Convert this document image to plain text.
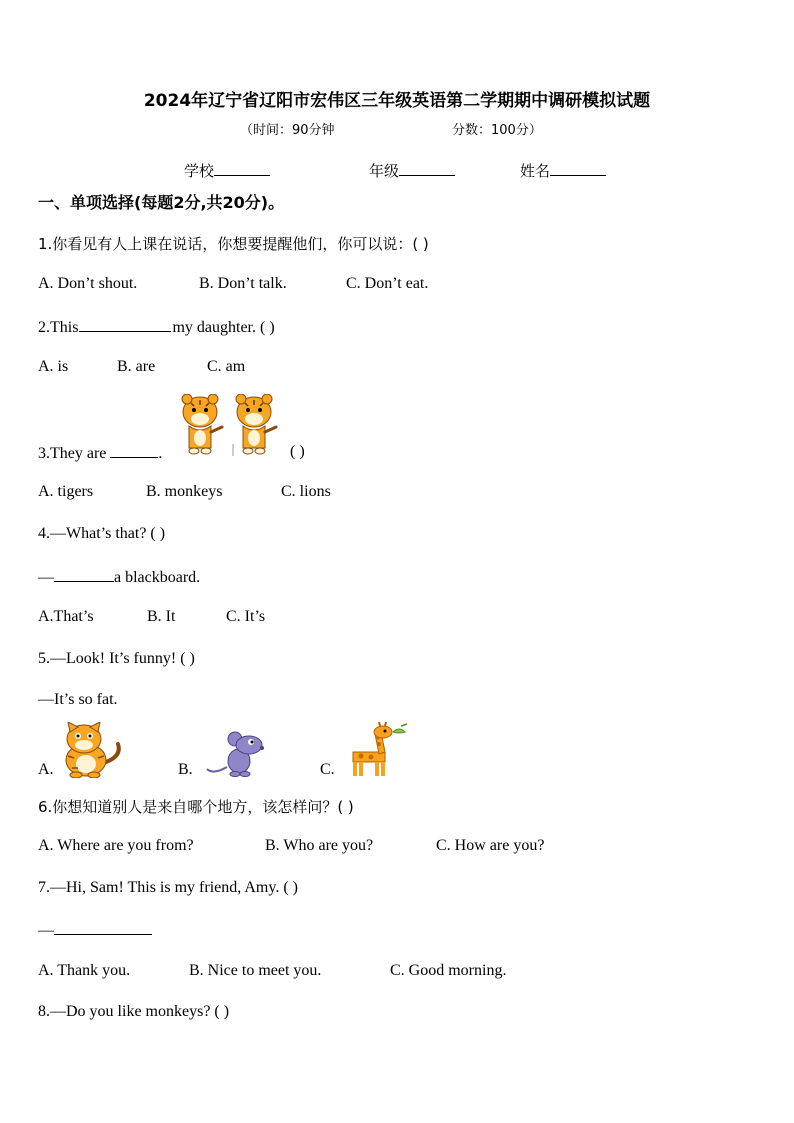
2024年辽宁省辽阳市宏伟区三年级英语第二学期期中调研模拟试题
（时间：90分钟	分数：100分）
学校	年级	姓名
一、单项选择(每题2分,共20分)。
1.你看见有人上课在说话，你想要提醒他们，你可以说：( )
A. Don’t shout.	B. Don’t talk.	C. Don’t eat.
2.This	my daughter. ( )
A. is	B. are	C. am
3.They are	.	( )
A. tigers	B. monkeys	C. lions
4.—What’s that? ( )
—	a blackboard.
A.That’s	B. It	C. It’s
5.—Look! It’s funny! ( )
—It’s so fat.
A.	B.	C.
6.你想知道别人是来自哪个地方，该怎样问？( )
A. Where are you from?	B. Who are you?	C. How are you?
7.—Hi, Sam! This is my friend, Amy. ( )
—
A. Thank you.	B. Nice to meet you.	C. Good morning.
8.—Do you like monkeys? ( )
